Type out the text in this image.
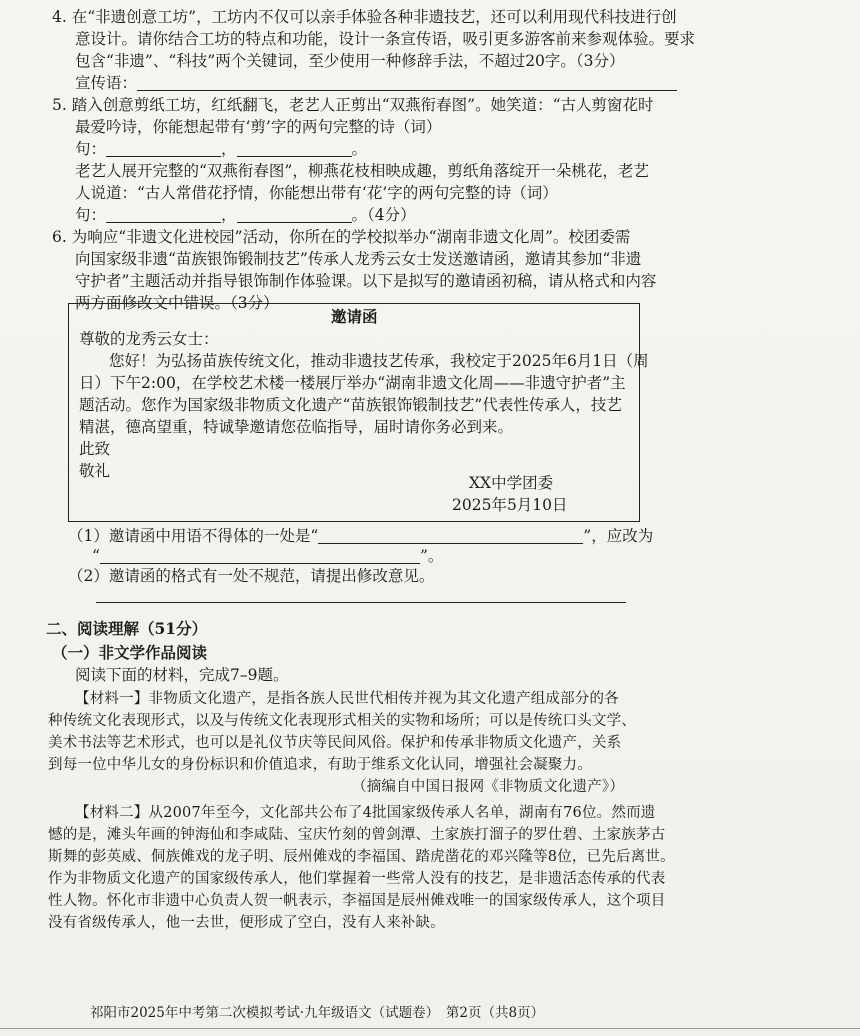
4. 在“非遗创意工坊”，工坊内不仅可以亲手体验各种非遗技艺，还可以利用现代科技进行创
意设计。请你结合工坊的特点和功能，设计一条宣传语，吸引更多游客前来参观体验。要求
包含“非遗”、“科技”两个关键词，至少使用一种修辞手法，不超过20字。（3分）
宣传语：
5. 踏入创意剪纸工坊，红纸翻飞，老艺人正剪出“双燕衔春图”。她笑道：“古人剪窗花时
最爱吟诗，你能想起带有‘剪’字的两句完整的诗（词）
句：	，	。
老艺人展开完整的“双燕衔春图”，柳燕花枝相映成趣，剪纸角落绽开一朵桃花，老艺
人说道：“古人常借花抒情，你能想出带有‘花’字的两句完整的诗（词）
句：	，	。（4分）
6. 为响应“非遗文化进校园”活动，你所在的学校拟举办“湖南非遗文化周”。校团委需
向国家级非遗“苗族银饰锻制技艺”传承人龙秀云女士发送邀请函，邀请其参加“非遗
守护者”主题活动并指导银饰制作体验课。以下是拟写的邀请函初稿，请从格式和内容
两方面修改文中错误。（3分）
邀请函
尊敬的龙秀云女士：
您好！为弘扬苗族传统文化，推动非遗技艺传承，我校定于2025年6月1日（周
日）下午2:00，在学校艺术楼一楼展厅举办“湖南非遗文化周——非遗守护者”主
题活动。您作为国家级非物质文化遗产“苗族银饰锻制技艺”代表性传承人，技艺
精湛，德高望重，特诚挚邀请您莅临指导，届时请你务必到来。
此致
敬礼
XX中学团委
2025年5月10日
（1）邀请函中用语不得体的一处是“	”，应改为
“	”。
（2）邀请函的格式有一处不规范，请提出修改意见。
二、阅读理解（51分）
（一）非文学作品阅读
阅读下面的材料，完成7–9题。
【材料一】非物质文化遗产，是指各族人民世代相传并视为其文化遗产组成部分的各
种传统文化表现形式，以及与传统文化表现形式相关的实物和场所；可以是传统口头文学、
美术书法等艺术形式，也可以是礼仪节庆等民间风俗。保护和传承非物质文化遗产，关系
到每一位中华儿女的身份标识和价值追求，有助于维系文化认同，增强社会凝聚力。
（摘编自中国日报网《非物质文化遗产》）
【材料二】从2007年至今，文化部共公布了4批国家级传承人名单，湖南有76位。然而遗
憾的是，滩头年画的钟海仙和李咸陆、宝庆竹刻的曾剑潭、土家族打溜子的罗仕碧、土家族茅古
斯舞的彭英威、侗族傩戏的龙子明、辰州傩戏的李福国、踏虎凿花的邓兴隆等8位，已先后离世。
作为非物质文化遗产的国家级传承人，他们掌握着一些常人没有的技艺，是非遗活态传承的代表
性人物。怀化市非遗中心负责人贺一帆表示，李福国是辰州傩戏唯一的国家级传承人，这个项目
没有省级传承人，他一去世，便形成了空白，没有人来补缺。
祁阳市2025年中考第二次模拟考试·九年级语文（试题卷）　第2页（共8页）
